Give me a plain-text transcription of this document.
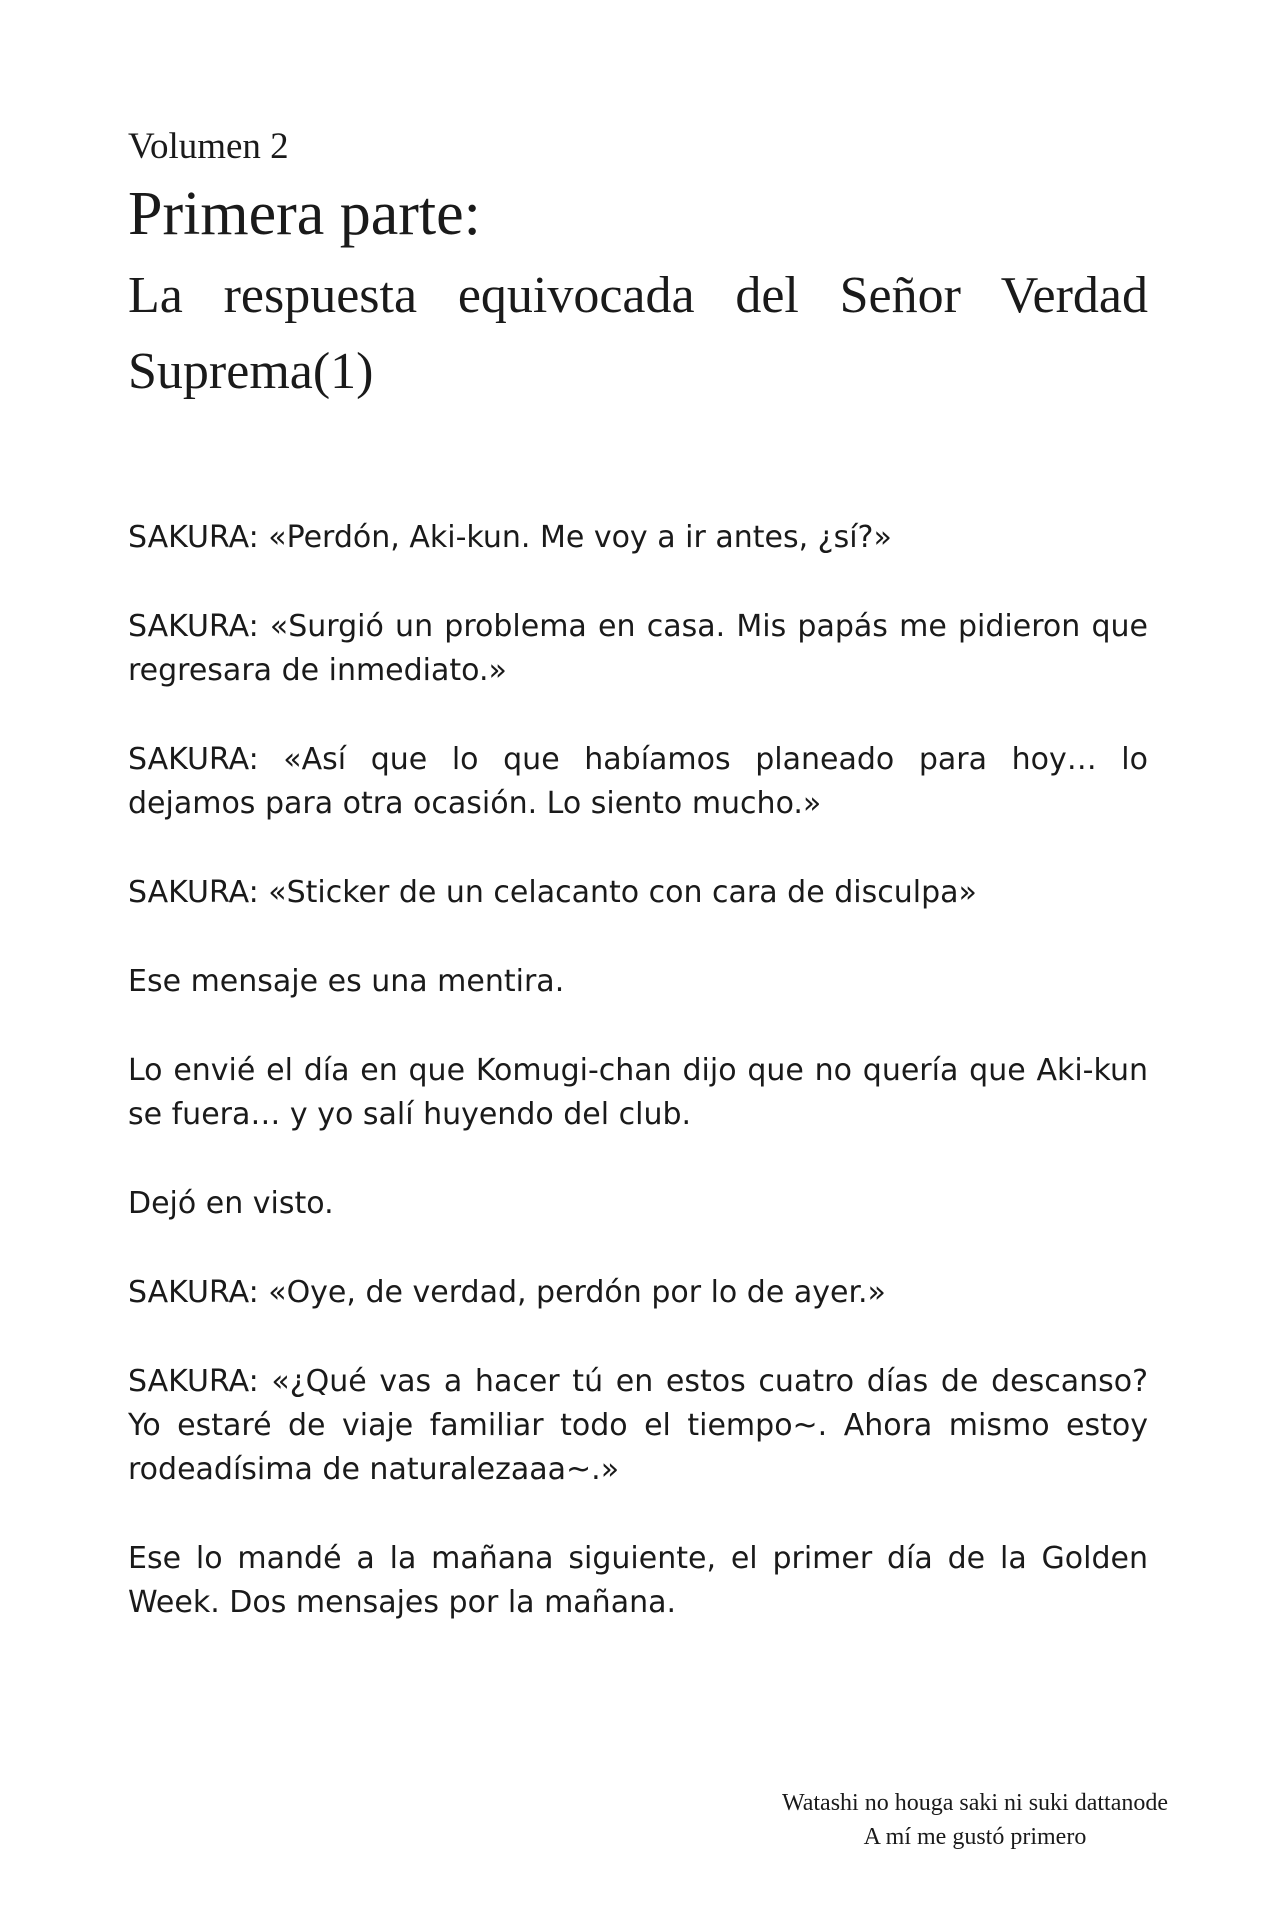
Volumen 2
Primera parte:
La respuesta equivocada del Señor Verdad Suprema(1)

SAKURA: «Perdón, Aki-kun. Me voy a ir antes, ¿sí?»

SAKURA: «Surgió un problema en casa. Mis papás me pidieron que regresara de inmediato.»

SAKURA: «Así que lo que habíamos planeado para hoy… lo dejamos para otra ocasión. Lo siento mucho.»

SAKURA: «Sticker de un celacanto con cara de disculpa»

Ese mensaje es una mentira.

Lo envié el día en que Komugi-chan dijo que no quería que Aki-kun se fuera… y yo salí huyendo del club.

Dejó en visto.

SAKURA: «Oye, de verdad, perdón por lo de ayer.»

SAKURA: «¿Qué vas a hacer tú en estos cuatro días de descanso? Yo estaré de viaje familiar todo el tiempo~. Ahora mismo estoy rodeadísima de naturalezaaa~.»

Ese lo mandé a la mañana siguiente, el primer día de la Golden Week. Dos mensajes por la mañana.

Watashi no houga saki ni suki dattanode
A mí me gustó primero
